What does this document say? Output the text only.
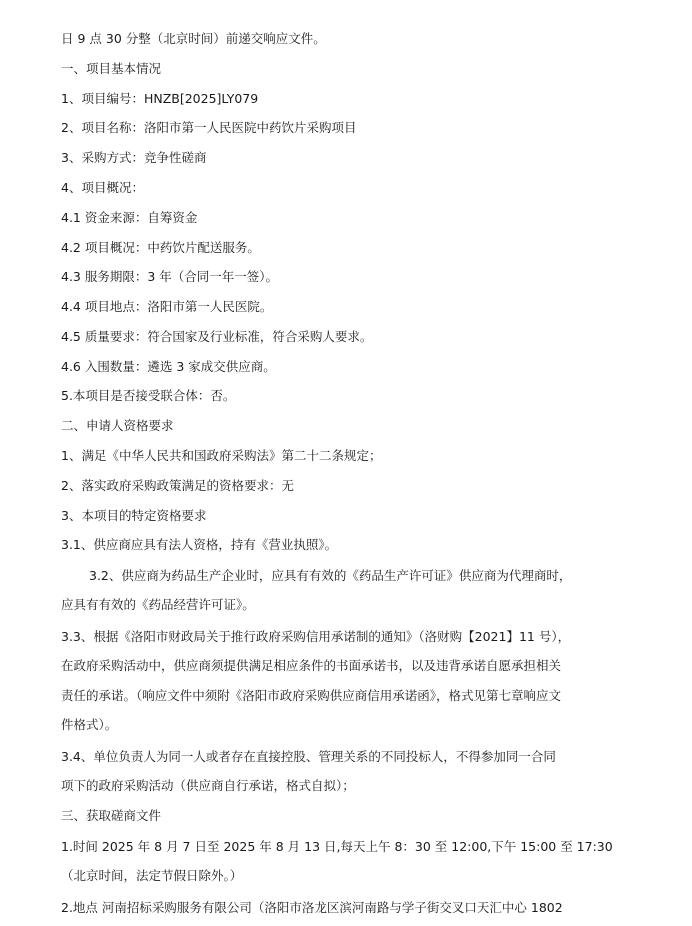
日 9 点 30 分整（北京时间）前递交响应文件。

一、项目基本情况

1、项目编号：HNZB[2025]LY079

2、项目名称：洛阳市第一人民医院中药饮片采购项目

3、采购方式：竞争性磋商

4、项目概况：

4.1 资金来源：自筹资金

4.2 项目概况：中药饮片配送服务。

4.3 服务期限：3 年（合同一年一签）。

4.4 项目地点：洛阳市第一人民医院。

4.5 质量要求：符合国家及行业标准，符合采购人要求。

4.6 入围数量：遴选 3 家成交供应商。

5.本项目是否接受联合体：否。

二、申请人资格要求

1、满足《中华人民共和国政府采购法》第二十二条规定；

2、落实政府采购政策满足的资格要求：无

3、本项目的特定资格要求

3.1、供应商应具有法人资格，持有《营业执照》。

3.2、供应商为药品生产企业时，应具有有效的《药品生产许可证》供应商为代理商时，

应具有有效的《药品经营许可证》。

3.3、根据《洛阳市财政局关于推行政府采购信用承诺制的通知》（洛财购【2021】11 号），

在政府采购活动中，供应商须提供满足相应条件的书面承诺书，以及违背承诺自愿承担相关

责任的承诺。（响应文件中须附《洛阳市政府采购供应商信用承诺函》，格式见第七章响应文

件格式）。

3.4、单位负责人为同一人或者存在直接控股、管理关系的不同投标人，不得参加同一合同

项下的政府采购活动（供应商自行承诺，格式自拟）；

三、获取磋商文件

1.时间 2025 年 8 月 7 日至 2025 年 8 月 13 日,每天上午 8：30 至 12:00,下午 15:00 至 17:30

（北京时间，法定节假日除外。）

2.地点 河南招标采购服务有限公司（洛阳市洛龙区滨河南路与学子街交叉口天汇中心 1802
